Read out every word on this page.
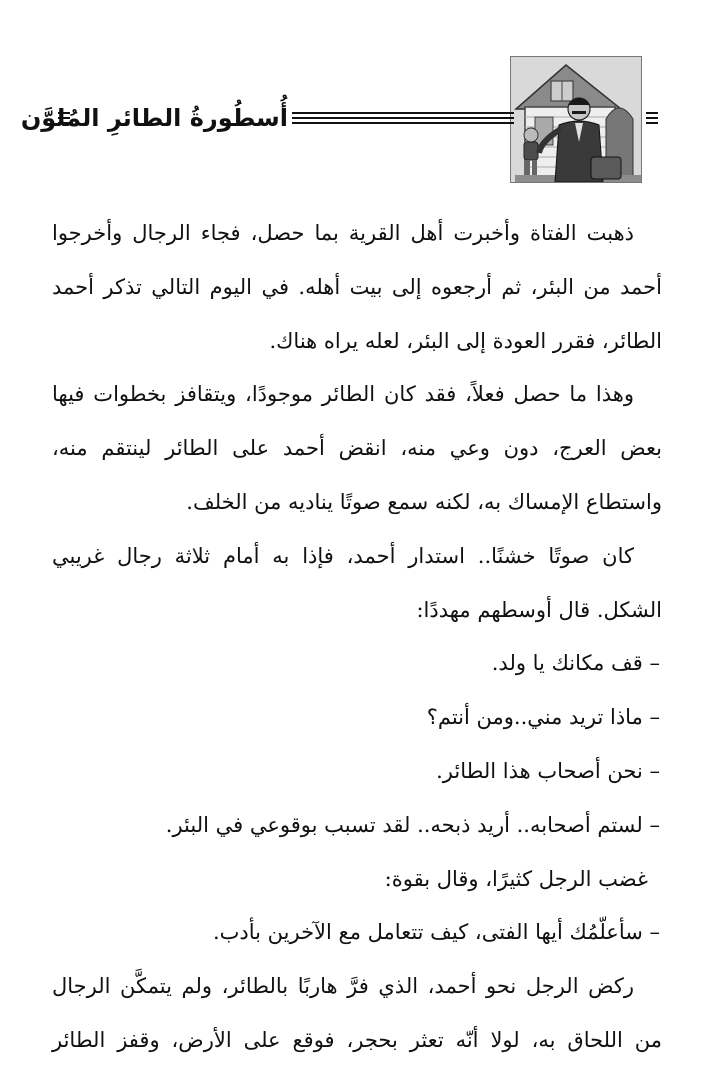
أُسطُورةُ الطائرِ المُلوَّن
ذهبت الفتاة وأخبرت أهل القرية بما حصل، فجاء الرجال وأخرجوا
أحمد من البئر، ثم أرجعوه إلى بيت أهله. في اليوم التالي تذكر أحمد
الطائر، فقرر العودة إلى البئر، لعله يراه هناك.
وهذا ما حصل فعلاً، فقد كان الطائر موجودًا، ويتقافز بخطوات فيها
بعض العرج، دون وعي منه، انقض أحمد على الطائر لينتقم منه،
واستطاع الإمساك به، لكنه سمع صوتًا يناديه من الخلف.
كان صوتًا خشنًا.. استدار أحمد، فإذا به أمام ثلاثة رجال غريبي
الشكل. قال أوسطهم مهددًا:
– قف مكانك يا ولد.
– ماذا تريد مني..ومن أنتم؟
– نحن أصحاب هذا الطائر.
– لستم أصحابه.. أريد ذبحه.. لقد تسبب بوقوعي في البئر.
غضب الرجل كثيرًا، وقال بقوة:
– سأعلّمُك أيها الفتى، كيف تتعامل مع الآخرين بأدب.
ركض الرجل نحو أحمد، الذي فرَّ هاربًا بالطائر، ولم يتمكَّن الرجال
من اللحاق به، لولا أنّه تعثر بحجر، فوقع على الأرض، وقفز الطائر
